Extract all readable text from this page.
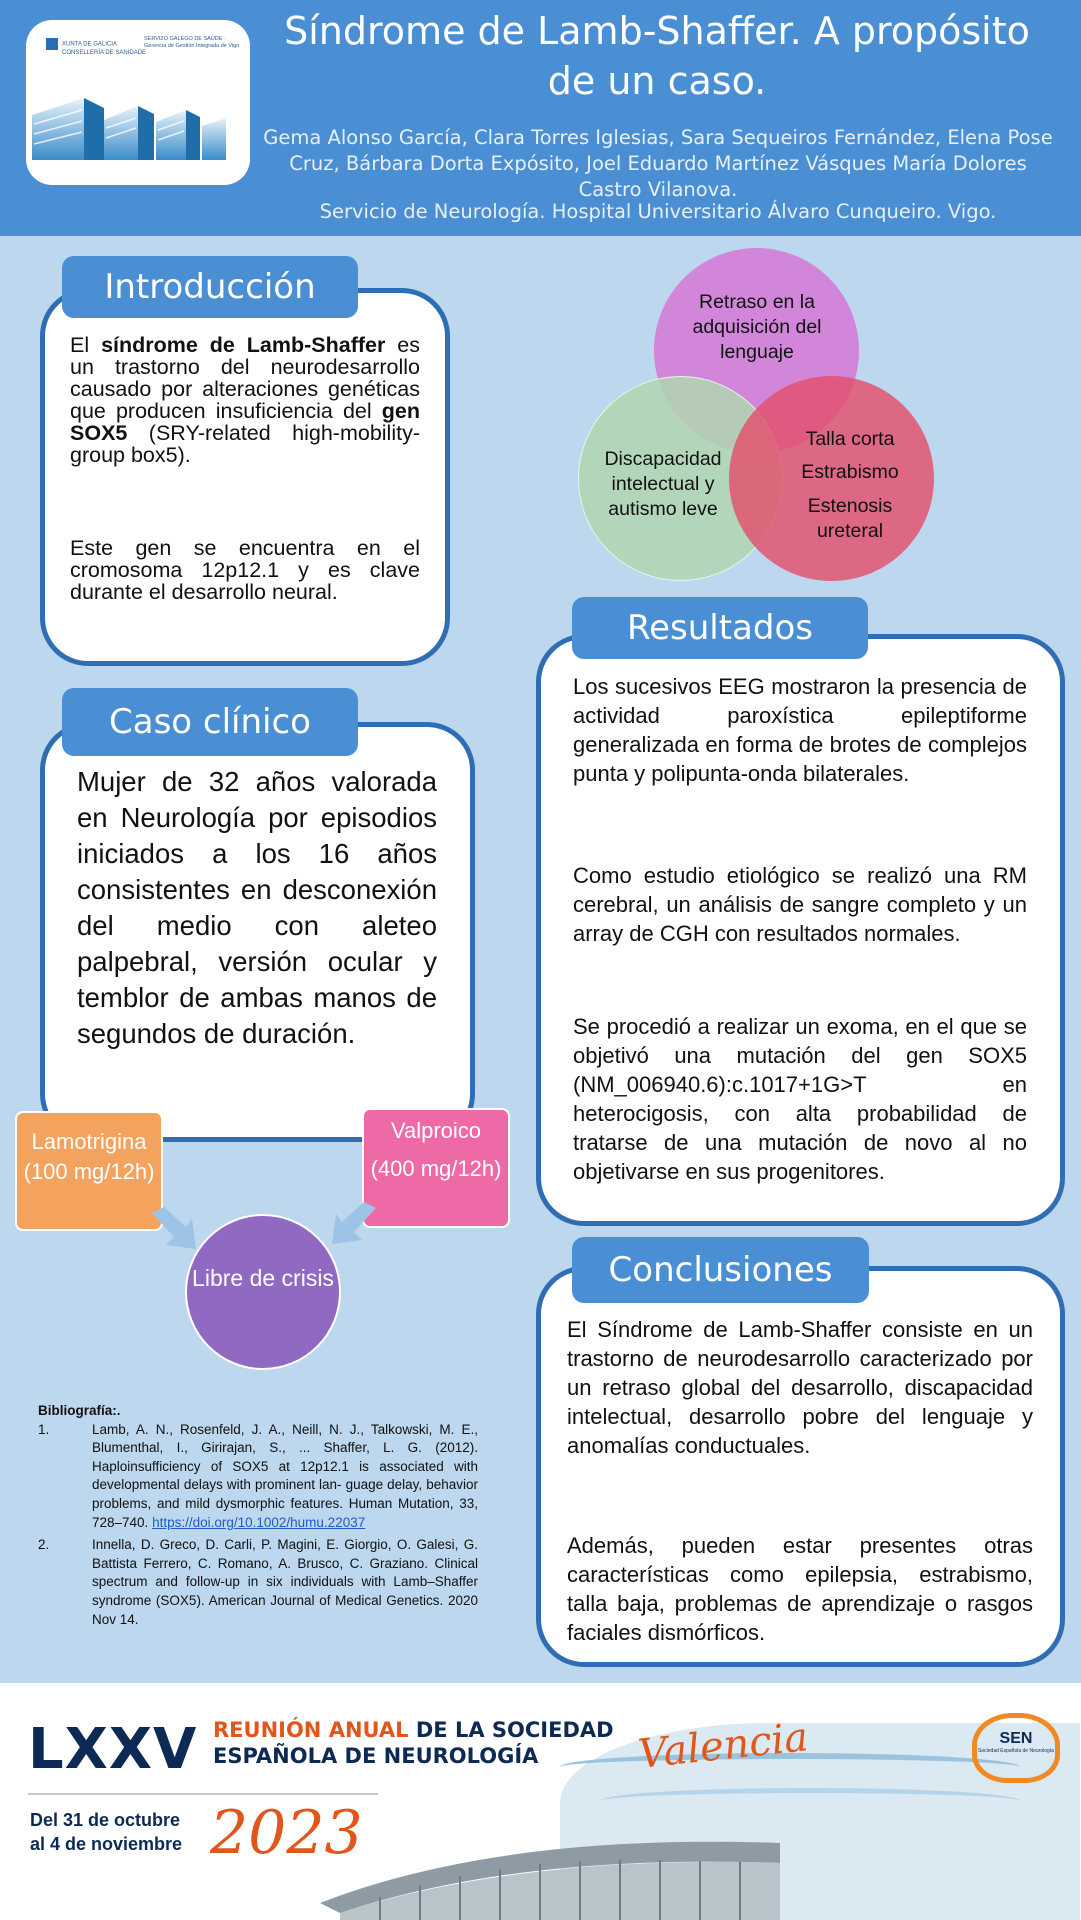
XUNTA DE GALICIA
CONSELLERÍA DE SANIDADE
SERVIZO GALEGO DE SAÚDE · Gerencia de Gestión Integrada de Vigo	Síndrome de Lamb-Shaffer. A propósito de un caso.
Gema Alonso García, Clara Torres Iglesias, Sara Sequeiros Fernández, Elena Pose Cruz, Bárbara Dorta Expósito, Joel Eduardo Martínez Vásques María Dolores Castro Vilanova.
Servicio de Neurología. Hospital Universitario Álvaro Cunqueiro. Vigo.
Introducción
El síndrome de Lamb-Shaffer es un trastorno del neurodesarrollo causado por alteraciones genéticas que producen insuficiencia del gen SOX5 (SRY-related high-mobility-group box5).
Este gen se encuentra en el cromosoma 12p12.1 y es clave durante el desarrollo neural.
Retraso en la adquisición del lenguaje
Discapacidad intelectual y autismo leve
Talla corta
Estrabismo
Estenosis ureteral
Caso clínico
Mujer de 32 años valorada en Neurología por episodios iniciados a los 16 años consistentes en desconexión del medio con aleteo palpebral, versión ocular y temblor de ambas manos de segundos de duración.
Lamotrigina
(100 mg/12h)
Valproico
(400 mg/12h)
Libre de crisis
Resultados
Los sucesivos EEG mostraron la presencia de actividad paroxística epileptiforme generalizada en forma de brotes de complejos punta y polipunta-onda bilaterales.
Como estudio etiológico se realizó una RM cerebral, un análisis de sangre completo y un array de CGH con resultados normales.
Se procedió a realizar un exoma, en el que se objetivó una mutación del gen SOX5 (NM_006940.6):c.1017+1G>T en heterocigosis, con alta probabilidad de tratarse de una mutación de novo al no objetivarse en sus progenitores.
Conclusiones
El Síndrome de Lamb-Shaffer consiste en un trastorno de neurodesarrollo caracterizado por un retraso global del desarrollo, discapacidad intelectual, desarrollo pobre del lenguaje y anomalías conductuales.
Además, pueden estar presentes otras características como epilepsia, estrabismo, talla baja, problemas de aprendizaje o rasgos faciales dismórficos.
Bibliografía:.
1.	Lamb, A. N., Rosenfeld, J. A., Neill, N. J., Talkowski, M. E., Blumenthal, I., Girirajan, S., ... Shaffer, L. G. (2012). Haploinsufficiency of SOX5 at 12p12.1 is associated with developmental delays with prominent lan- guage delay, behavior problems, and mild dysmorphic features. Human Mutation, 33, 728–740. https://doi.org/10.1002/humu.22037
2.	Innella, D. Greco, D. Carli, P. Magini, E. Giorgio, O. Galesi, G. Battista Ferrero, C. Romano, A. Brusco, C. Graziano. Clinical spectrum and follow-up in six individuals with Lamb–Shaffer syndrome (SOX5). American Journal of Medical Genetics. 2020 Nov 14.
LXXV REUNIÓN ANUAL DE LA SOCIEDAD
ESPAÑOLA DE NEUROLOGÍA
Del 31 de octubre
al 4 de noviembre 2023
Valencia	SEN
Sociedad Española de Neurología
